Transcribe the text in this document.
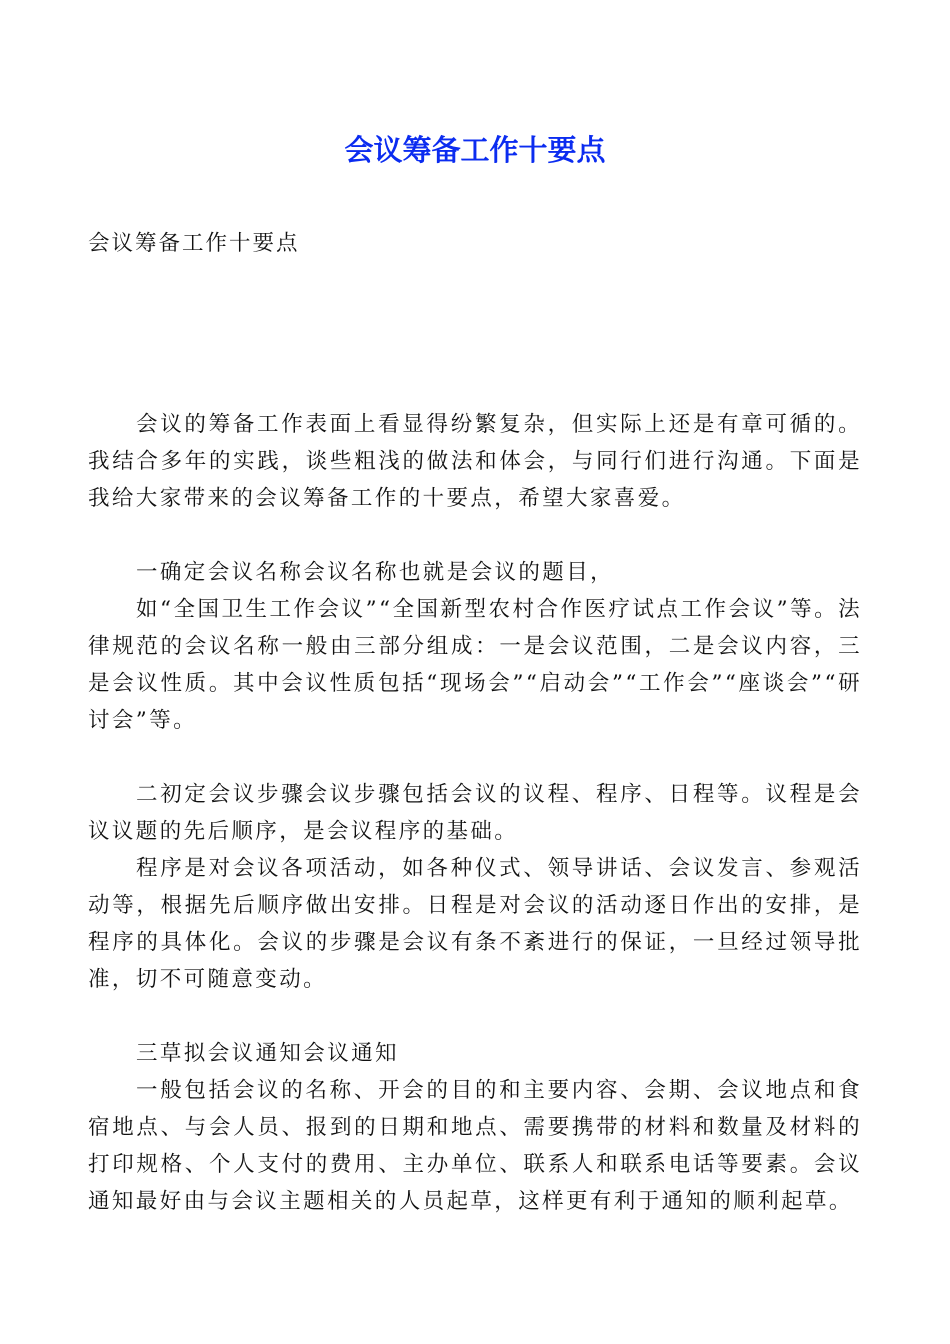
会议筹备工作十要点

会议筹备工作十要点

会议的筹备工作表面上看显得纷繁复杂，但实际上还是有章可循的。我结合多年的实践，谈些粗浅的做法和体会，与同行们进行沟通。下面是我给大家带来的会议筹备工作的十要点，希望大家喜爱。

一确定会议名称会议名称也就是会议的题目，

如“全国卫生工作会议”“全国新型农村合作医疗试点工作会议”等。法律规范的会议名称一般由三部分组成：一是会议范围，二是会议内容，三是会议性质。其中会议性质包括“现场会”“启动会”“工作会”“座谈会”“研讨会”等。

二初定会议步骤会议步骤包括会议的议程、程序、日程等。议程是会议议题的先后顺序，是会议程序的基础。

程序是对会议各项活动，如各种仪式、领导讲话、会议发言、参观活动等，根据先后顺序做出安排。日程是对会议的活动逐日作出的安排，是程序的具体化。会议的步骤是会议有条不紊进行的保证，一旦经过领导批准，切不可随意变动。

三草拟会议通知会议通知

一般包括会议的名称、开会的目的和主要内容、会期、会议地点和食宿地点、与会人员、报到的日期和地点、需要携带的材料和数量及材料的打印规格、个人支付的费用、主办单位、联系人和联系电话等要素。会议通知最好由与会议主题相关的人员起草，这样更有利于通知的顺利起草。
